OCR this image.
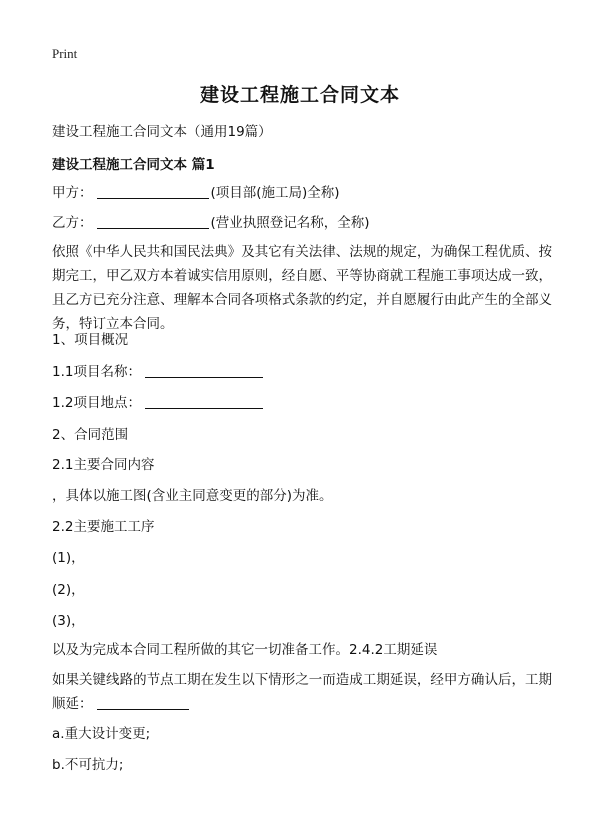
Print
建设工程施工合同文本
建设工程施工合同文本（通用19篇）
建设工程施工合同文本 篇1
甲方：	(项目部(施工局)全称)
乙方：	(营业执照登记名称，全称)
依照《中华人民共和国民法典》及其它有关法律、法规的规定，为确保工程优质、按期完工，甲乙双方本着诚实信用原则，经自愿、平等协商就工程施工事项达成一致，且乙方已充分注意、理解本合同各项格式条款的约定，并自愿履行由此产生的全部义务，特订立本合同。
1、项目概况
1.1项目名称：
1.2项目地点：
2、合同范围
2.1主要合同内容
，具体以施工图(含业主同意变更的部分)为准。
2.2主要施工工序
(1)，
(2)，
(3)，
以及为完成本合同工程所做的其它一切准备工作。2.4.2工期延误
如果关键线路的节点工期在发生以下情形之一而造成工期延误，经甲方确认后，工期顺延：
a.重大设计变更;
b.不可抗力;
